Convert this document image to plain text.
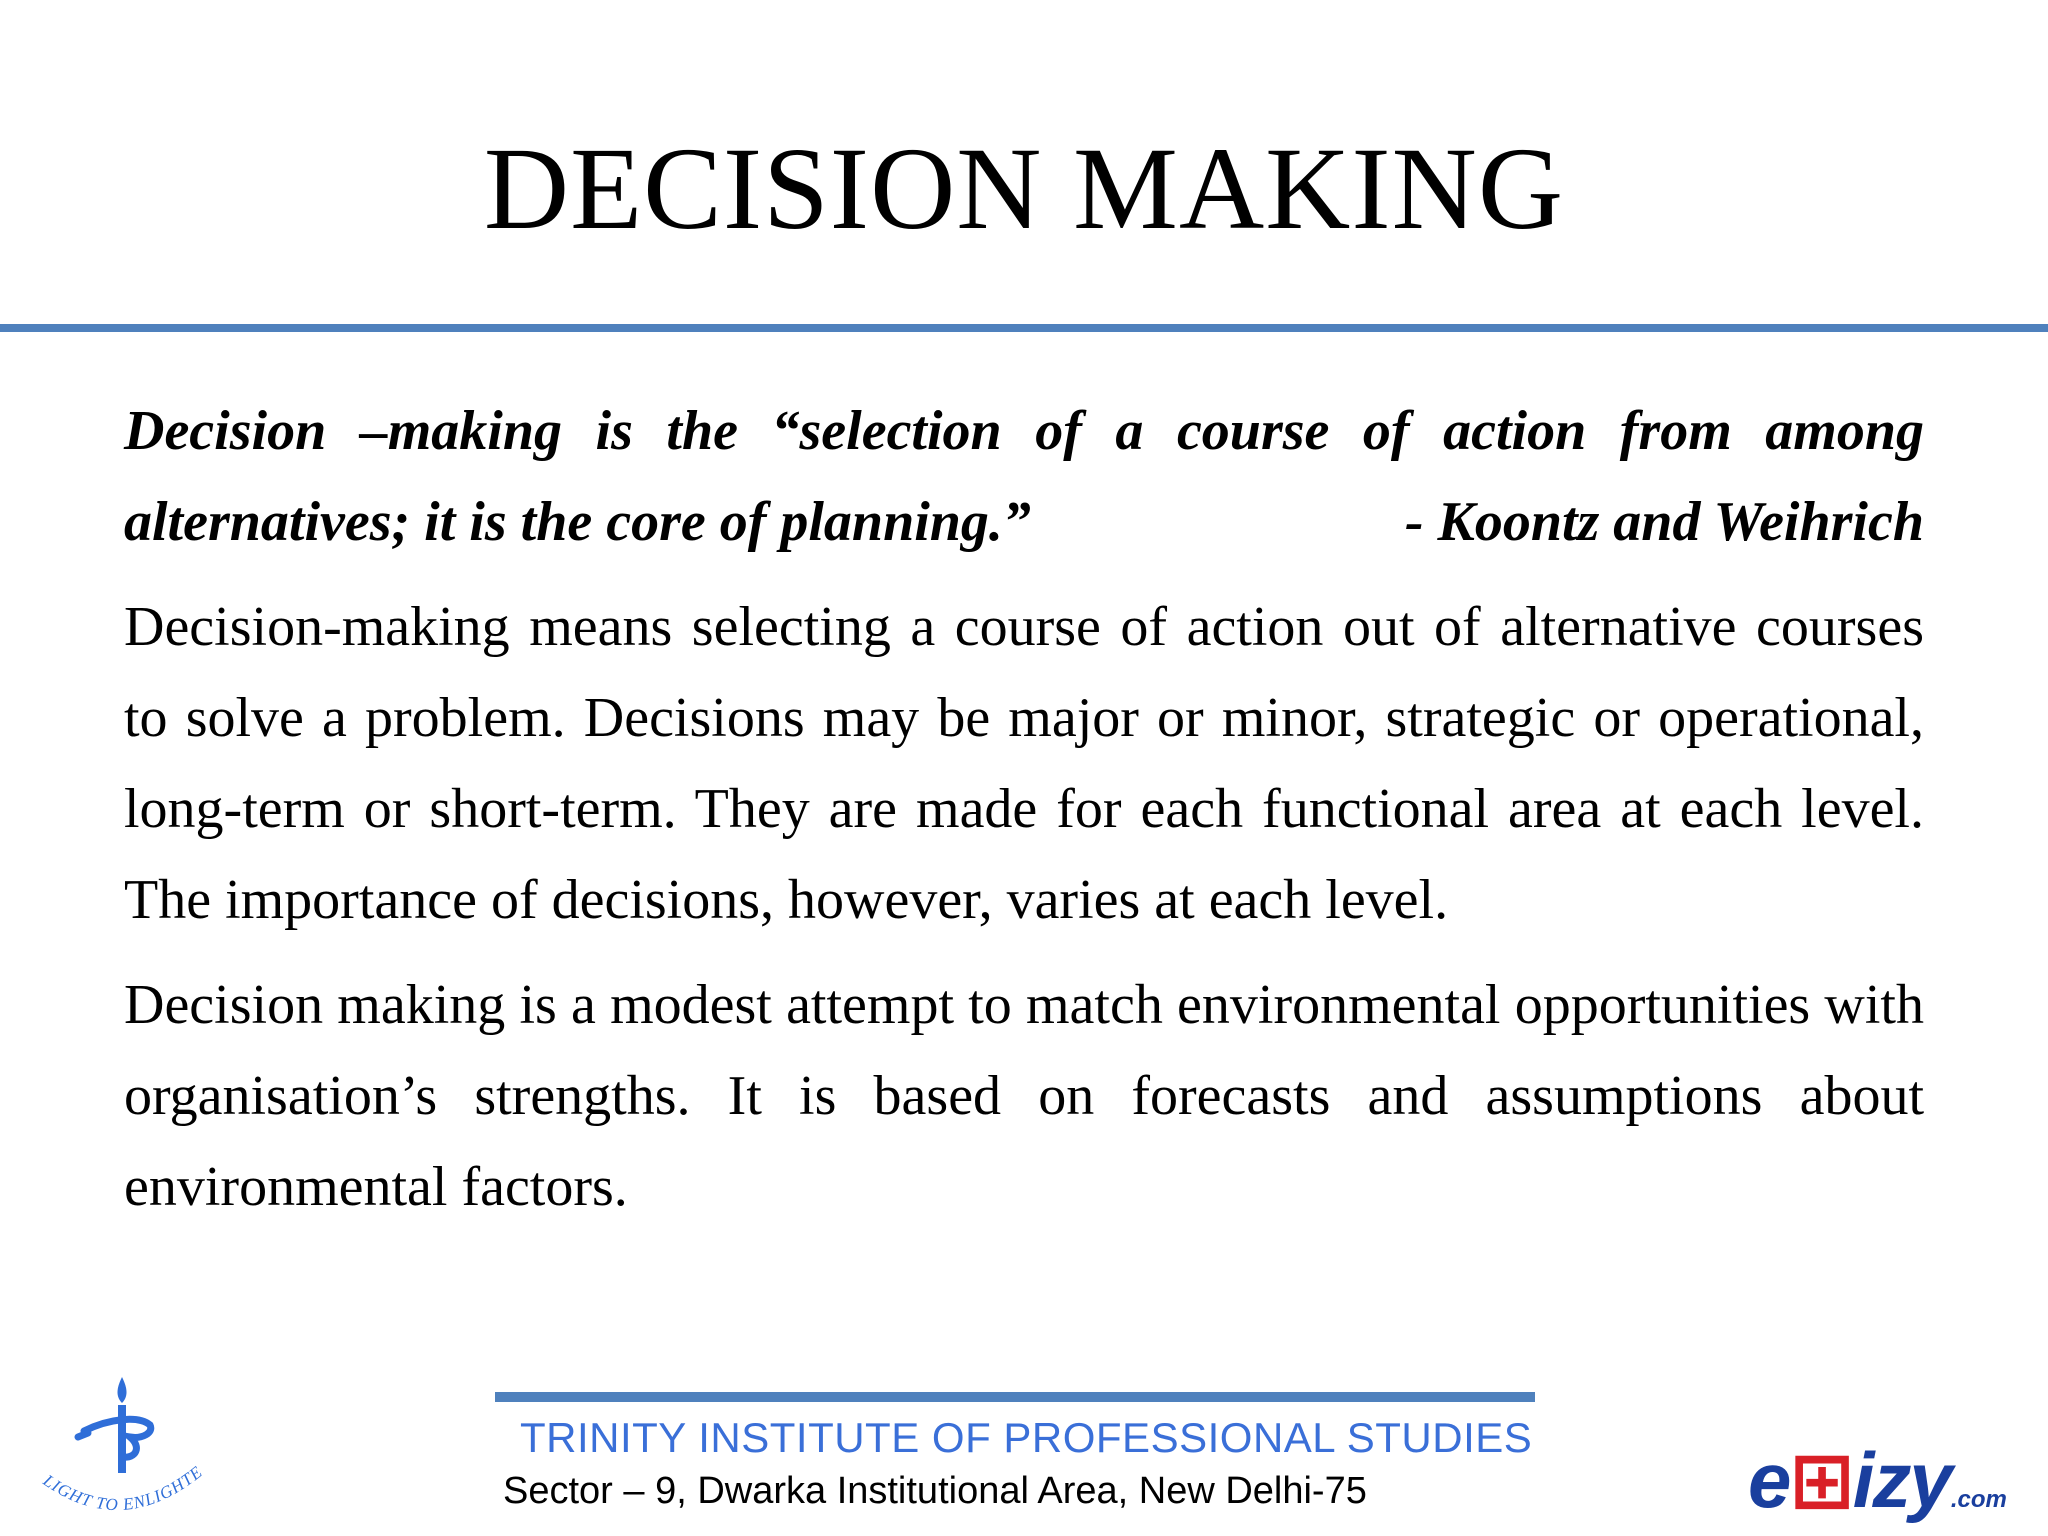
DECISION MAKING

Decision –making is the “selection of a course of action from among alternatives; it is the core of planning.”	- Koontz and Weihrich

Decision-making means selecting a course of action out of alternative courses to solve a problem. Decisions may be major or minor, strategic or operational, long-term or short-term. They are made for each functional area at each level. The importance of decisions, however, varies at each level.

Decision making is a modest attempt to match environmental opportunities with organisation’s strengths. It is based on forecasts and assumptions about environmental factors.

TRINITY INSTITUTE OF PROFESSIONAL STUDIES
Sector – 9, Dwarka Institutional Area, New Delhi-75
LIGHT TO ENLIGHTE	e⊞izy.com
